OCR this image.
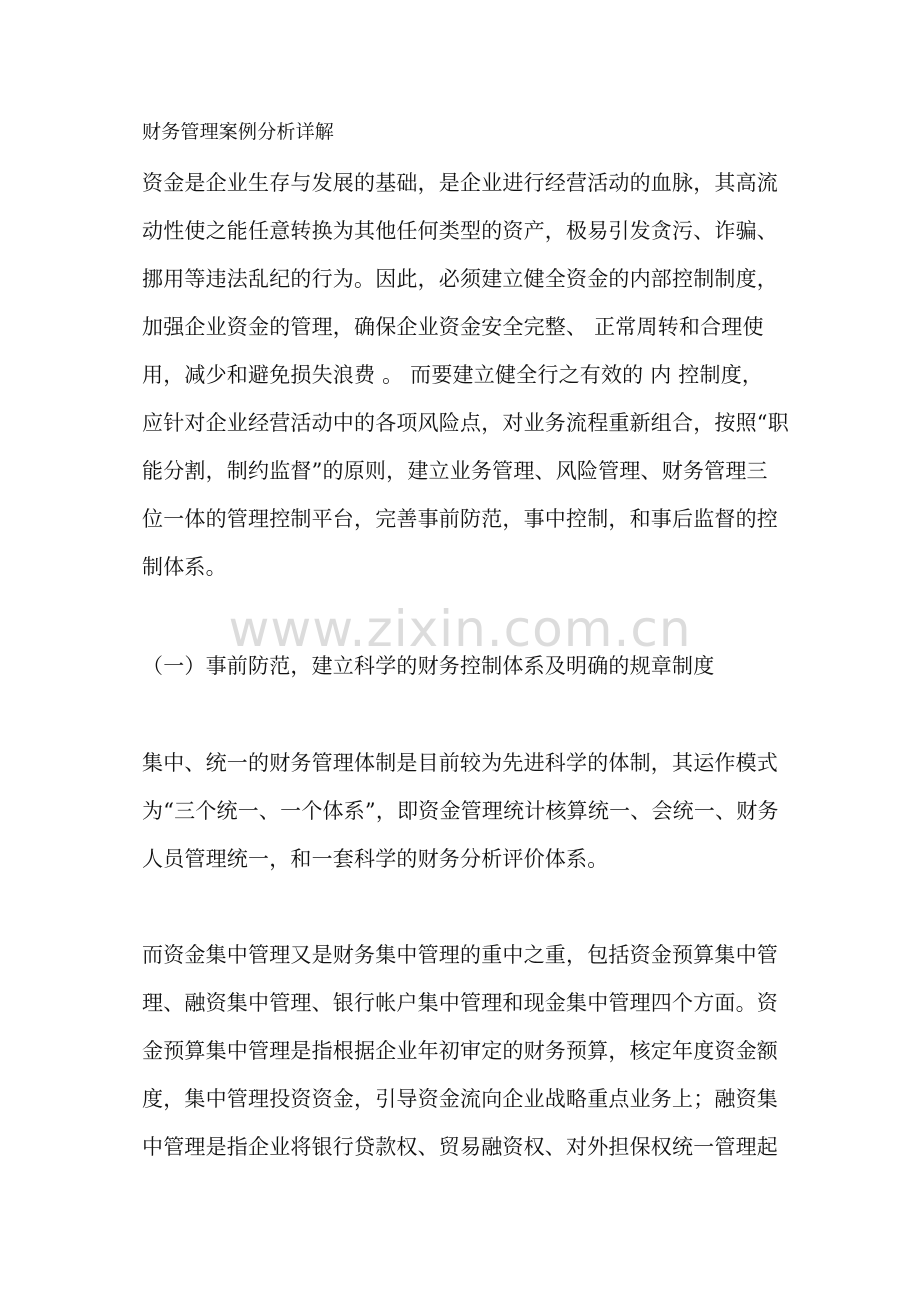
财务管理案例分析详解
资金是企业生存与发展的基础，是企业进行经营活动的血脉，其高流
动性使之能任意转换为其他任何类型的资产，极易引发贪污、诈骗、
挪用等违法乱纪的行为。因此，必须建立健全资金的内部控制制度，
加强企业资金的管理，确保企业资金安全完整、 正常周转和合理使
用，减少和避免损失浪费 。 而要建立健全行之有效的 内 控制度，
应针对企业经营活动中的各项风险点，对业务流程重新组合，按照“职
能分割，制约监督”的原则，建立业务管理、风险管理、财务管理三
位一体的管理控制平台，完善事前防范，事中控制，和事后监督的控
制体系。
www.zixin.com.cn
（一）事前防范，建立科学的财务控制体系及明确的规章制度
集中、统一的财务管理体制是目前较为先进科学的体制，其运作模式
为“三个统一、一个体系”，即资金管理统计核算统一、会统一、财务
人员管理统一，和一套科学的财务分析评价体系。
而资金集中管理又是财务集中管理的重中之重，包括资金预算集中管
理、融资集中管理、银行帐户集中管理和现金集中管理四个方面。资
金预算集中管理是指根据企业年初审定的财务预算，核定年度资金额
度，集中管理投资资金，引导资金流向企业战略重点业务上；融资集
中管理是指企业将银行贷款权、贸易融资权、对外担保权统一管理起
